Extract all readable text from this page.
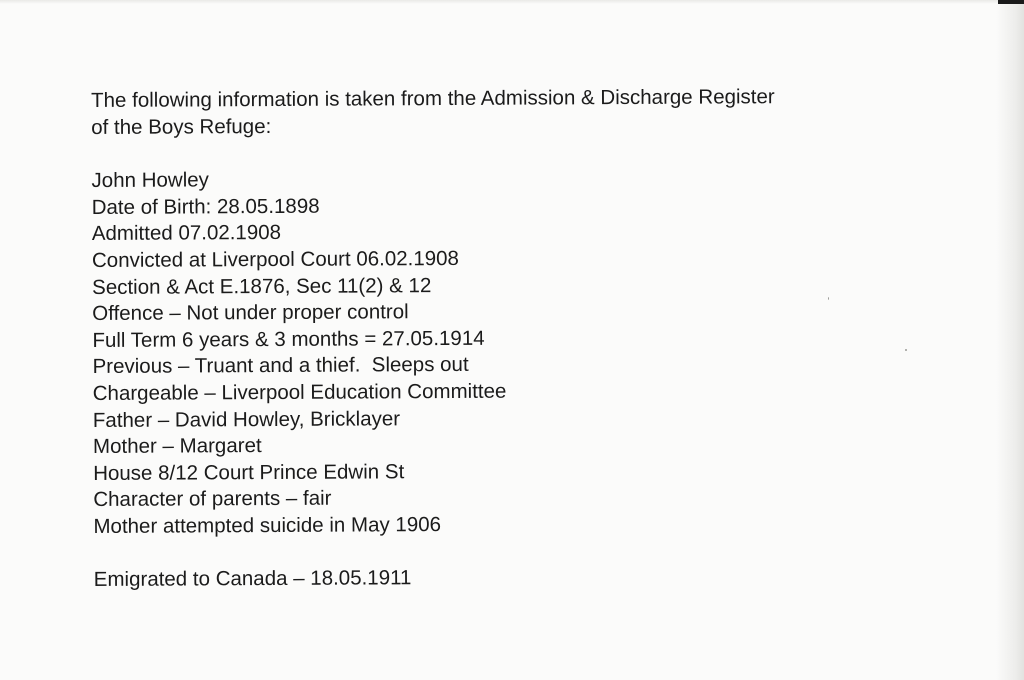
The following information is taken from the Admission & Discharge Register
of the Boys Refuge:
John Howley
Date of Birth: 28.05.1898
Admitted 07.02.1908
Convicted at Liverpool Court 06.02.1908
Section & Act E.1876, Sec 11(2) & 12
Offence – Not under proper control
Full Term 6 years & 3 months = 27.05.1914
Previous – Truant and a thief.  Sleeps out
Chargeable – Liverpool Education Committee
Father – David Howley, Bricklayer
Mother – Margaret
House 8/12 Court Prince Edwin St
Character of parents – fair
Mother attempted suicide in May 1906
Emigrated to Canada – 18.05.1911
